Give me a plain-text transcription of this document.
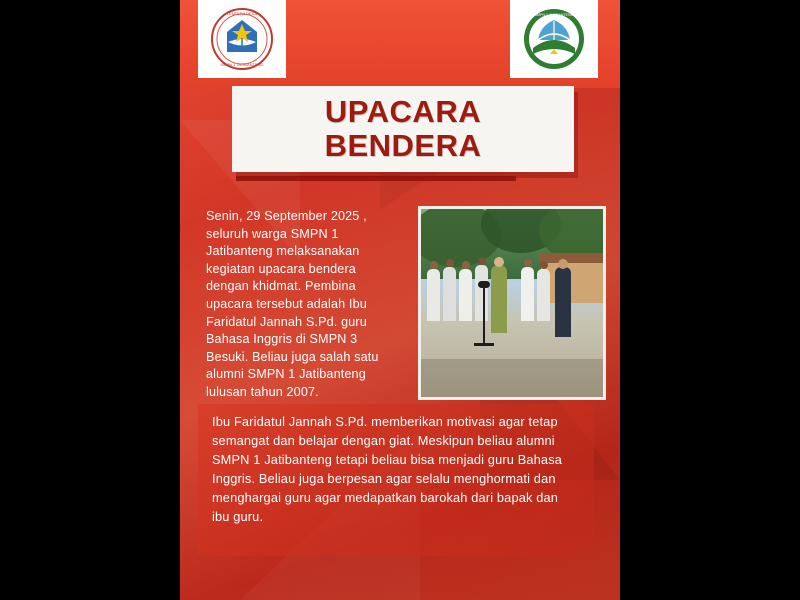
LENTERA DESA
SMPN 1 JATIBANTENG
SMPN 1 JATIBANTENG
UPACARA
BENDERA
Senin, 29 September 2025 , seluruh warga SMPN 1 Jatibanteng melaksanakan kegiatan upacara bendera dengan khidmat. Pembina upacara tersebut adalah Ibu Faridatul Jannah S.Pd. guru Bahasa Inggris di SMPN 3 Besuki. Beliau juga salah satu alumni SMPN 1 Jatibanteng lulusan tahun 2007.
Ibu Faridatul Jannah S.Pd. memberikan motivasi agar tetap semangat dan belajar dengan giat. Meskipun beliau alumni SMPN 1 Jatibanteng tetapi beliau bisa menjadi guru Bahasa Inggris. Beliau juga berpesan agar selalu menghormati dan menghargai guru agar medapatkan barokah dari bapak dan ibu guru.
